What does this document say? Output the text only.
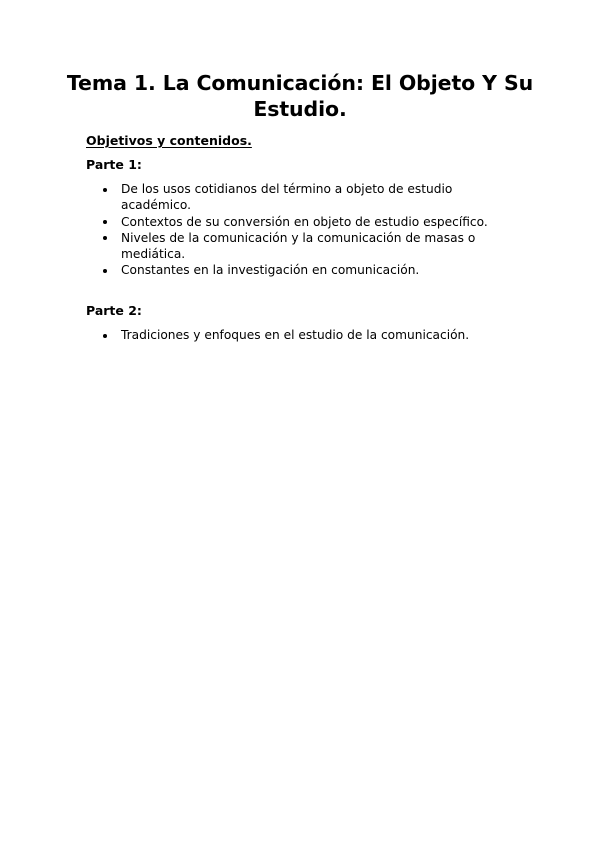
Tema 1. La Comunicación: El Objeto Y Su Estudio.

Objetivos y contenidos.

Parte 1:

De los usos cotidianos del término a objeto de estudio académico.
Contextos de su conversión en objeto de estudio específico.
Niveles de la comunicación y la comunicación de masas o mediática.
Constantes en la investigación en comunicación.

Parte 2:

Tradiciones y enfoques en el estudio de la comunicación.
